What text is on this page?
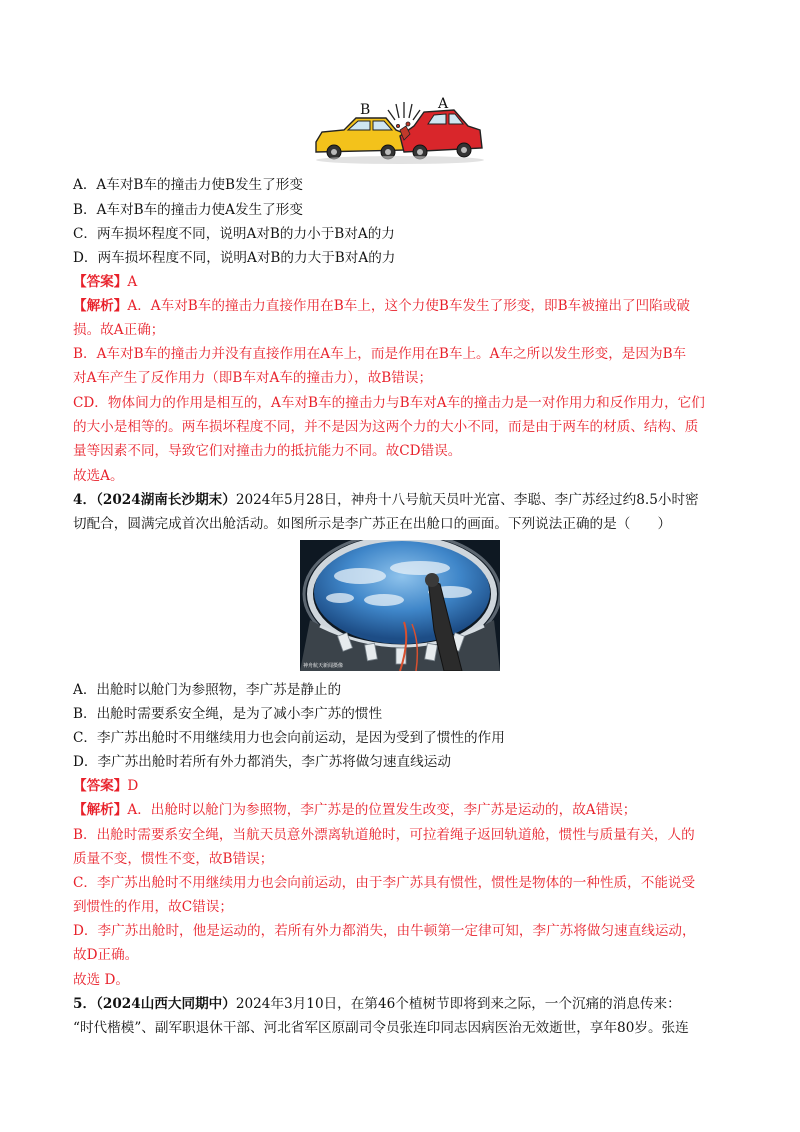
B	A
A．A车对B车的撞击力使B发生了形变
B．A车对B车的撞击力使A发生了形变
C．两车损坏程度不同，说明A对B的力小于B对A的力
D．两车损坏程度不同，说明A对B的力大于B对A的力
【答案】A
【解析】A．A车对B车的撞击力直接作用在B车上，这个力使B车发生了形变，即B车被撞出了凹陷或破
损。故A正确；
B．A车对B车的撞击力并没有直接作用在A车上，而是作用在B车上。A车之所以发生形变，是因为B车
对A车产生了反作用力（即B车对A车的撞击力），故B错误；
CD．物体间力的作用是相互的，A车对B车的撞击力与B车对A车的撞击力是一对作用力和反作用力，它们
的大小是相等的。两车损坏程度不同，并不是因为这两个力的大小不同，而是由于两车的材质、结构、质
量等因素不同，导致它们对撞击力的抵抗能力不同。故CD错误。
故选A。
4．（2024湖南长沙期末）2024年5月28日，神舟十八号航天员叶光富、李聪、李广苏经过约8.5小时密
切配合，圆满完成首次出舱活动。如图所示是李广苏正在出舱口的画面。下列说法正确的是（　　）
神舟航天新闻摄像
A．出舱时以舱门为参照物，李广苏是静止的
B．出舱时需要系安全绳，是为了减小李广苏的惯性
C．李广苏出舱时不用继续用力也会向前运动，是因为受到了惯性的作用
D．李广苏出舱时若所有外力都消失，李广苏将做匀速直线运动
【答案】D
【解析】A．出舱时以舱门为参照物，李广苏是的位置发生改变，李广苏是运动的，故A错误；
B．出舱时需要系安全绳，当航天员意外漂离轨道舱时，可拉着绳子返回轨道舱，惯性与质量有关，人的
质量不变，惯性不变，故B错误；
C．李广苏出舱时不用继续用力也会向前运动，由于李广苏具有惯性，惯性是物体的一种性质，不能说受
到惯性的作用，故C错误；
D．李广苏出舱时，他是运动的，若所有外力都消失，由牛顿第一定律可知，李广苏将做匀速直线运动，
故D正确。
故选 D。
5．（2024山西大同期中）2024年3月10日，在第46个植树节即将到来之际，一个沉痛的消息传来：
“时代楷模”、副军职退休干部、河北省军区原副司令员张连印同志因病医治无效逝世，享年80岁。张连
